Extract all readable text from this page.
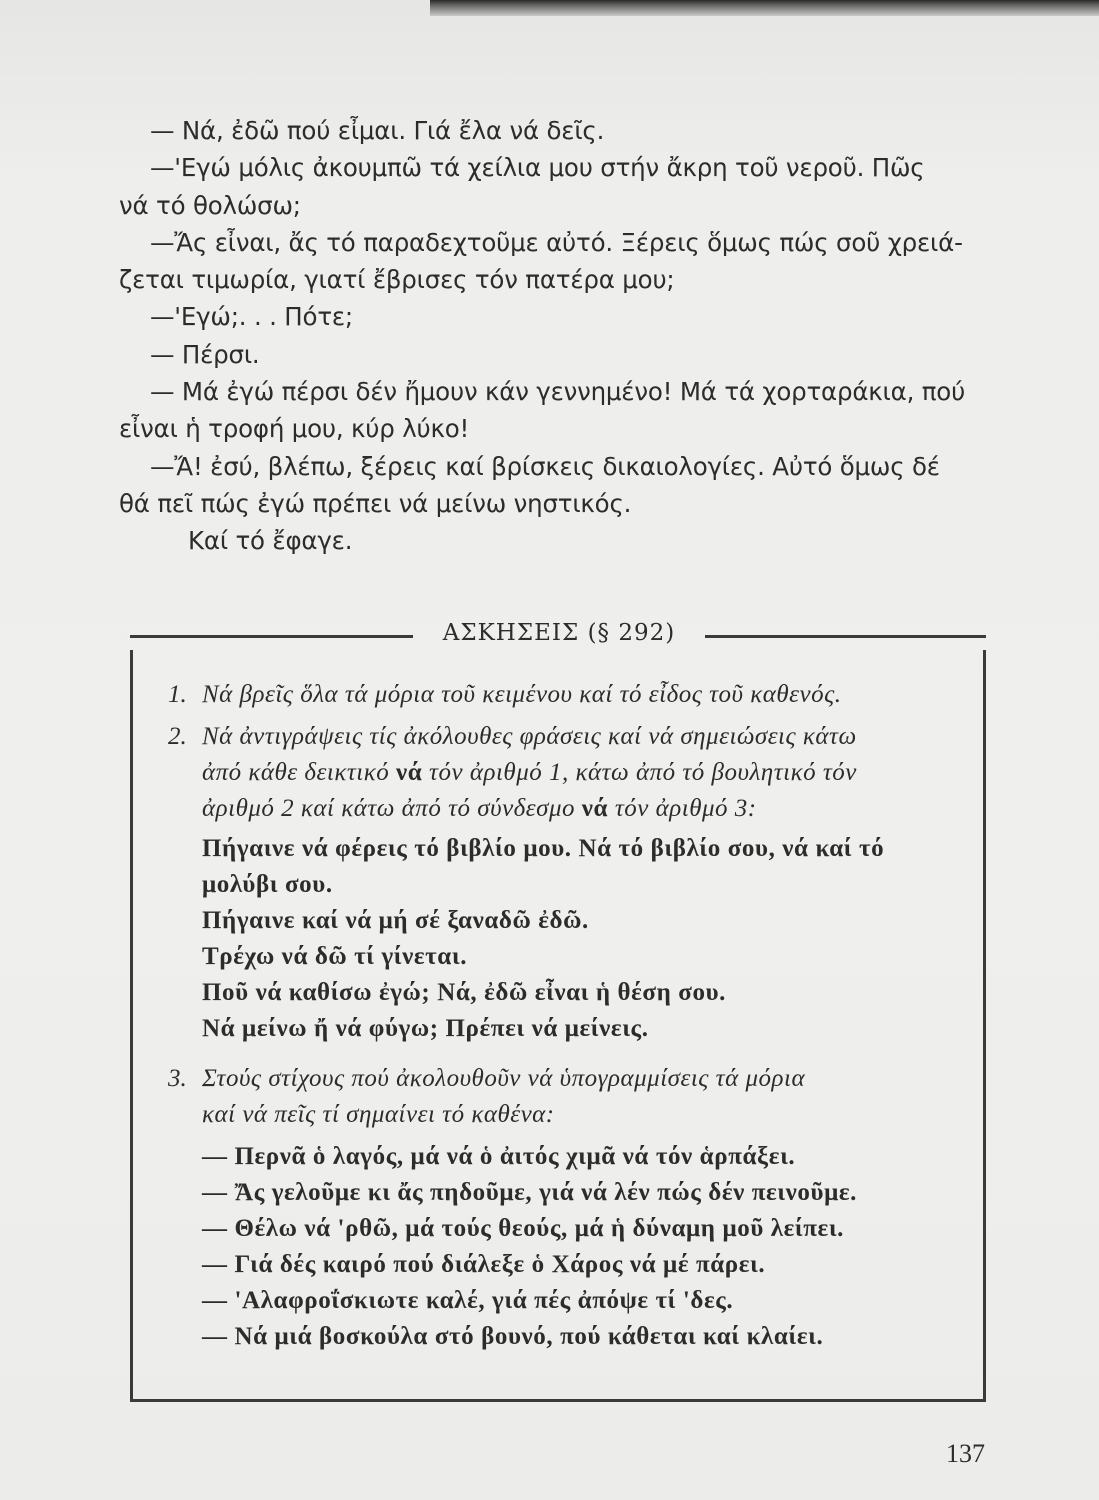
— Νά, ἐδῶ πού εἶμαι. Γιά ἔλα νά δεῖς.

—'Εγώ μόλις ἀκουμπῶ τά χείλια μου στήν ἄκρη τοῦ νεροῦ. Πῶς

νά τό θολώσω;

—Ἄς εἶναι, ἄς τό παραδεχτοῦμε αὐτό. Ξέρεις ὅμως πώς σοῦ χρειά-

ζεται τιμωρία, γιατί ἔβρισες τόν πατέρα μου;

—'Εγώ;. . . Πότε;

— Πέρσι.

— Μά ἐγώ πέρσι δέν ἤμουν κάν γεννημένο! Μά τά χορταράκια, πού

εἶναι ἡ τροφή μου, κύρ λύκο!

—Ἄ! ἐσύ, βλέπω, ξέρεις καί βρίσκεις δικαιολογίες. Αὐτό ὅμως δέ

θά πεῖ πώς ἐγώ πρέπει νά μείνω νηστικός.

Καί τό ἔφαγε.

ΑΣΚΗΣΕΙΣ (§ 292)
1. Νά βρεῖς ὅλα τά μόρια τοῦ κειμένου καί τό εἶδος τοῦ καθενός.
2. Νά ἀντιγράψεις τίς ἀκόλουθες φράσεις καί νά σημειώσεις κάτω
ἀπό κάθε δεικτικό νά τόν ἀριθμό 1, κάτω ἀπό τό βουλητικό τόν
ἀριθμό 2 καί κάτω ἀπό τό σύνδεσμο νά τόν ἀριθμό 3:
Πήγαινε νά φέρεις τό βιβλίο μου. Νά τό βιβλίο σου, νά καί τό
μολύβι σου.
Πήγαινε καί νά μή σέ ξαναδῶ ἐδῶ.
Τρέχω νά δῶ τί γίνεται.
Ποῦ νά καθίσω ἐγώ; Νά, ἐδῶ εἶναι ἡ θέση σου.
Νά μείνω ἤ νά φύγω; Πρέπει νά μείνεις.
3. Στούς στίχους πού ἀκολουθοῦν νά ὑπογραμμίσεις τά μόρια
καί νά πεῖς τί σημαίνει τό καθένα:
— Περνᾶ ὁ λαγός, μά νά ὁ ἀιτός χιμᾶ νά τόν ἁρπάξει.
— Ἄς γελοῦμε κι ἄς πηδοῦμε, γιά νά λέν πώς δέν πεινοῦμε.
— Θέλω νά 'ρθῶ, μά τούς θεούς, μά ἡ δύναμη μοῦ λείπει.
— Γιά δές καιρό πού διάλεξε ὁ Χάρος νά μέ πάρει.
— 'Αλαφροΐσκιωτε καλέ, γιά πές ἀπόψε τί 'δες.
— Νά μιά βοσκούλα στό βουνό, πού κάθεται καί κλαίει.
137
